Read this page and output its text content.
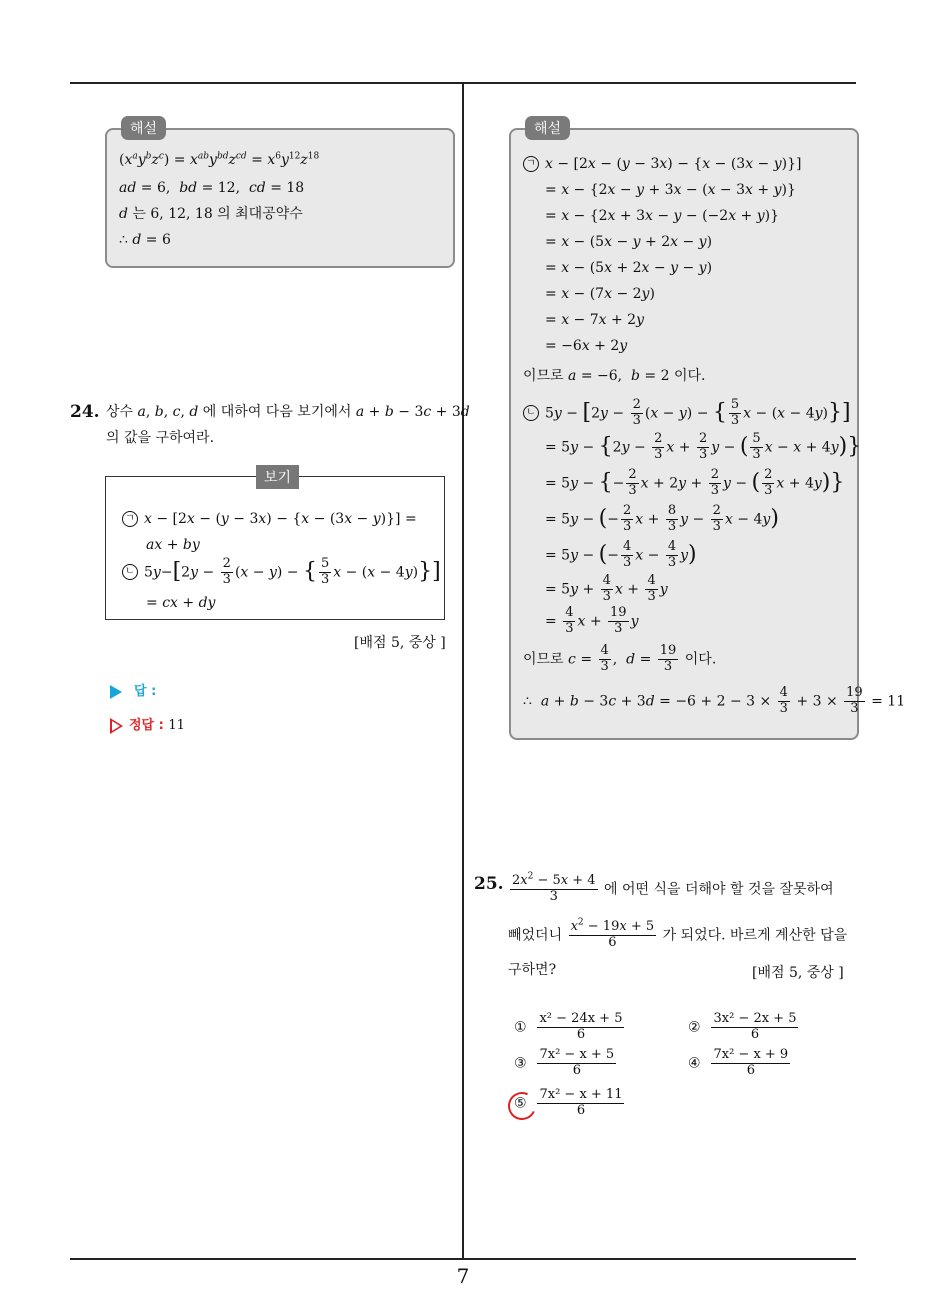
7
해설
$(x^ay^bz^c) = x^{ab}y^{bd}z^{cd} = x^6y^{12}z^{18}$
ad = 6,  bd = 12,  cd = 18
d 는 6, 12, 18 의 최대공약수
∴ d = 6
24. 상수 a, b, c, d 에 대하여 다음 보기에서 a + b − 3c + 3d
의 값을 구하여라.
보기
ㄱ x − [2x − (y − 3x) − {x − (3x − y)}] =
ax + by
ㄴ $5y-[2y - \frac{2}{3} (x - y)$ − { $\frac{5}{3}$ x − (x − 4y)}]
= cx + dy
[배점 5, 중상 ]
답 :
정답 : 11
해설
ㄱ x − [2x − (y − 3x) − {x − (3x − y)}]
= x − {2x − y + 3x − (x − 3x + y)}
= x − {2x + 3x − y − (−2x + y)}
= x − (5x − y + 2x − y)
= x − (5x + 2x − y − y)
= x − (7x − 2y)
= x − 7x + 2y
= −6x + 2y
이므로 a = −6,  b = 2 이다.
ㄴ $5y - [2y - \frac{2}{3} (x - y)$ − { $\frac{5}{3}$ x − (x − 4y)}]
= $5y - \{2y - \frac{2}{3}$ $x + \frac{2}{3}$ y − ( $\frac{5}{3}$ x − x + 4y)}
= 5y − {− $\frac{2}{3}$ $x + 2y + \frac{2}{3}$ y − ( $\frac{2}{3}$ x + 4y)}
= 5y − (− $\frac{2}{3}$ $x + \frac{8}{3}$ $y - \frac{2}{3}$ x − 4y)
= 5y − (− $\frac{4}{3}$ $x - \frac{4}{3} y$)
= $5y + \frac{4}{3}$ $x + \frac{4}{3}$ y
= $\frac{4}{3}$ $x + \frac{19}{3}$ y
이므로 $c = \frac{4}{3}$ ,  $d = \frac{19}{3}$ 이다.
∴  $a + b - 3c + 3d = -6 + 2 - 3 \times \frac{4}{3} + 3 \times \frac{19}{3} = 11$
25. $\frac{2x^2 - 5x + 4}{3}$ 에 어떤 식을 더해야 할 것을 잘못하여
빼었더니 $\frac{x^2 - 19x + 5}{6}$ 가 되었다. 바르게 계산한 답을
구하면?	[배점 5, 중상 ]
① $\frac{\text{x² − 24x + 5}}{6}$	② $\frac{\text{3x² − 2x + 5}}{6}$
③ $\frac{\text{7x² − x + 5}}{6}$	④ $\frac{\text{7x² − x + 9}}{6}$
⑤ $\frac{\text{7x² − x + 11}}{6}$
